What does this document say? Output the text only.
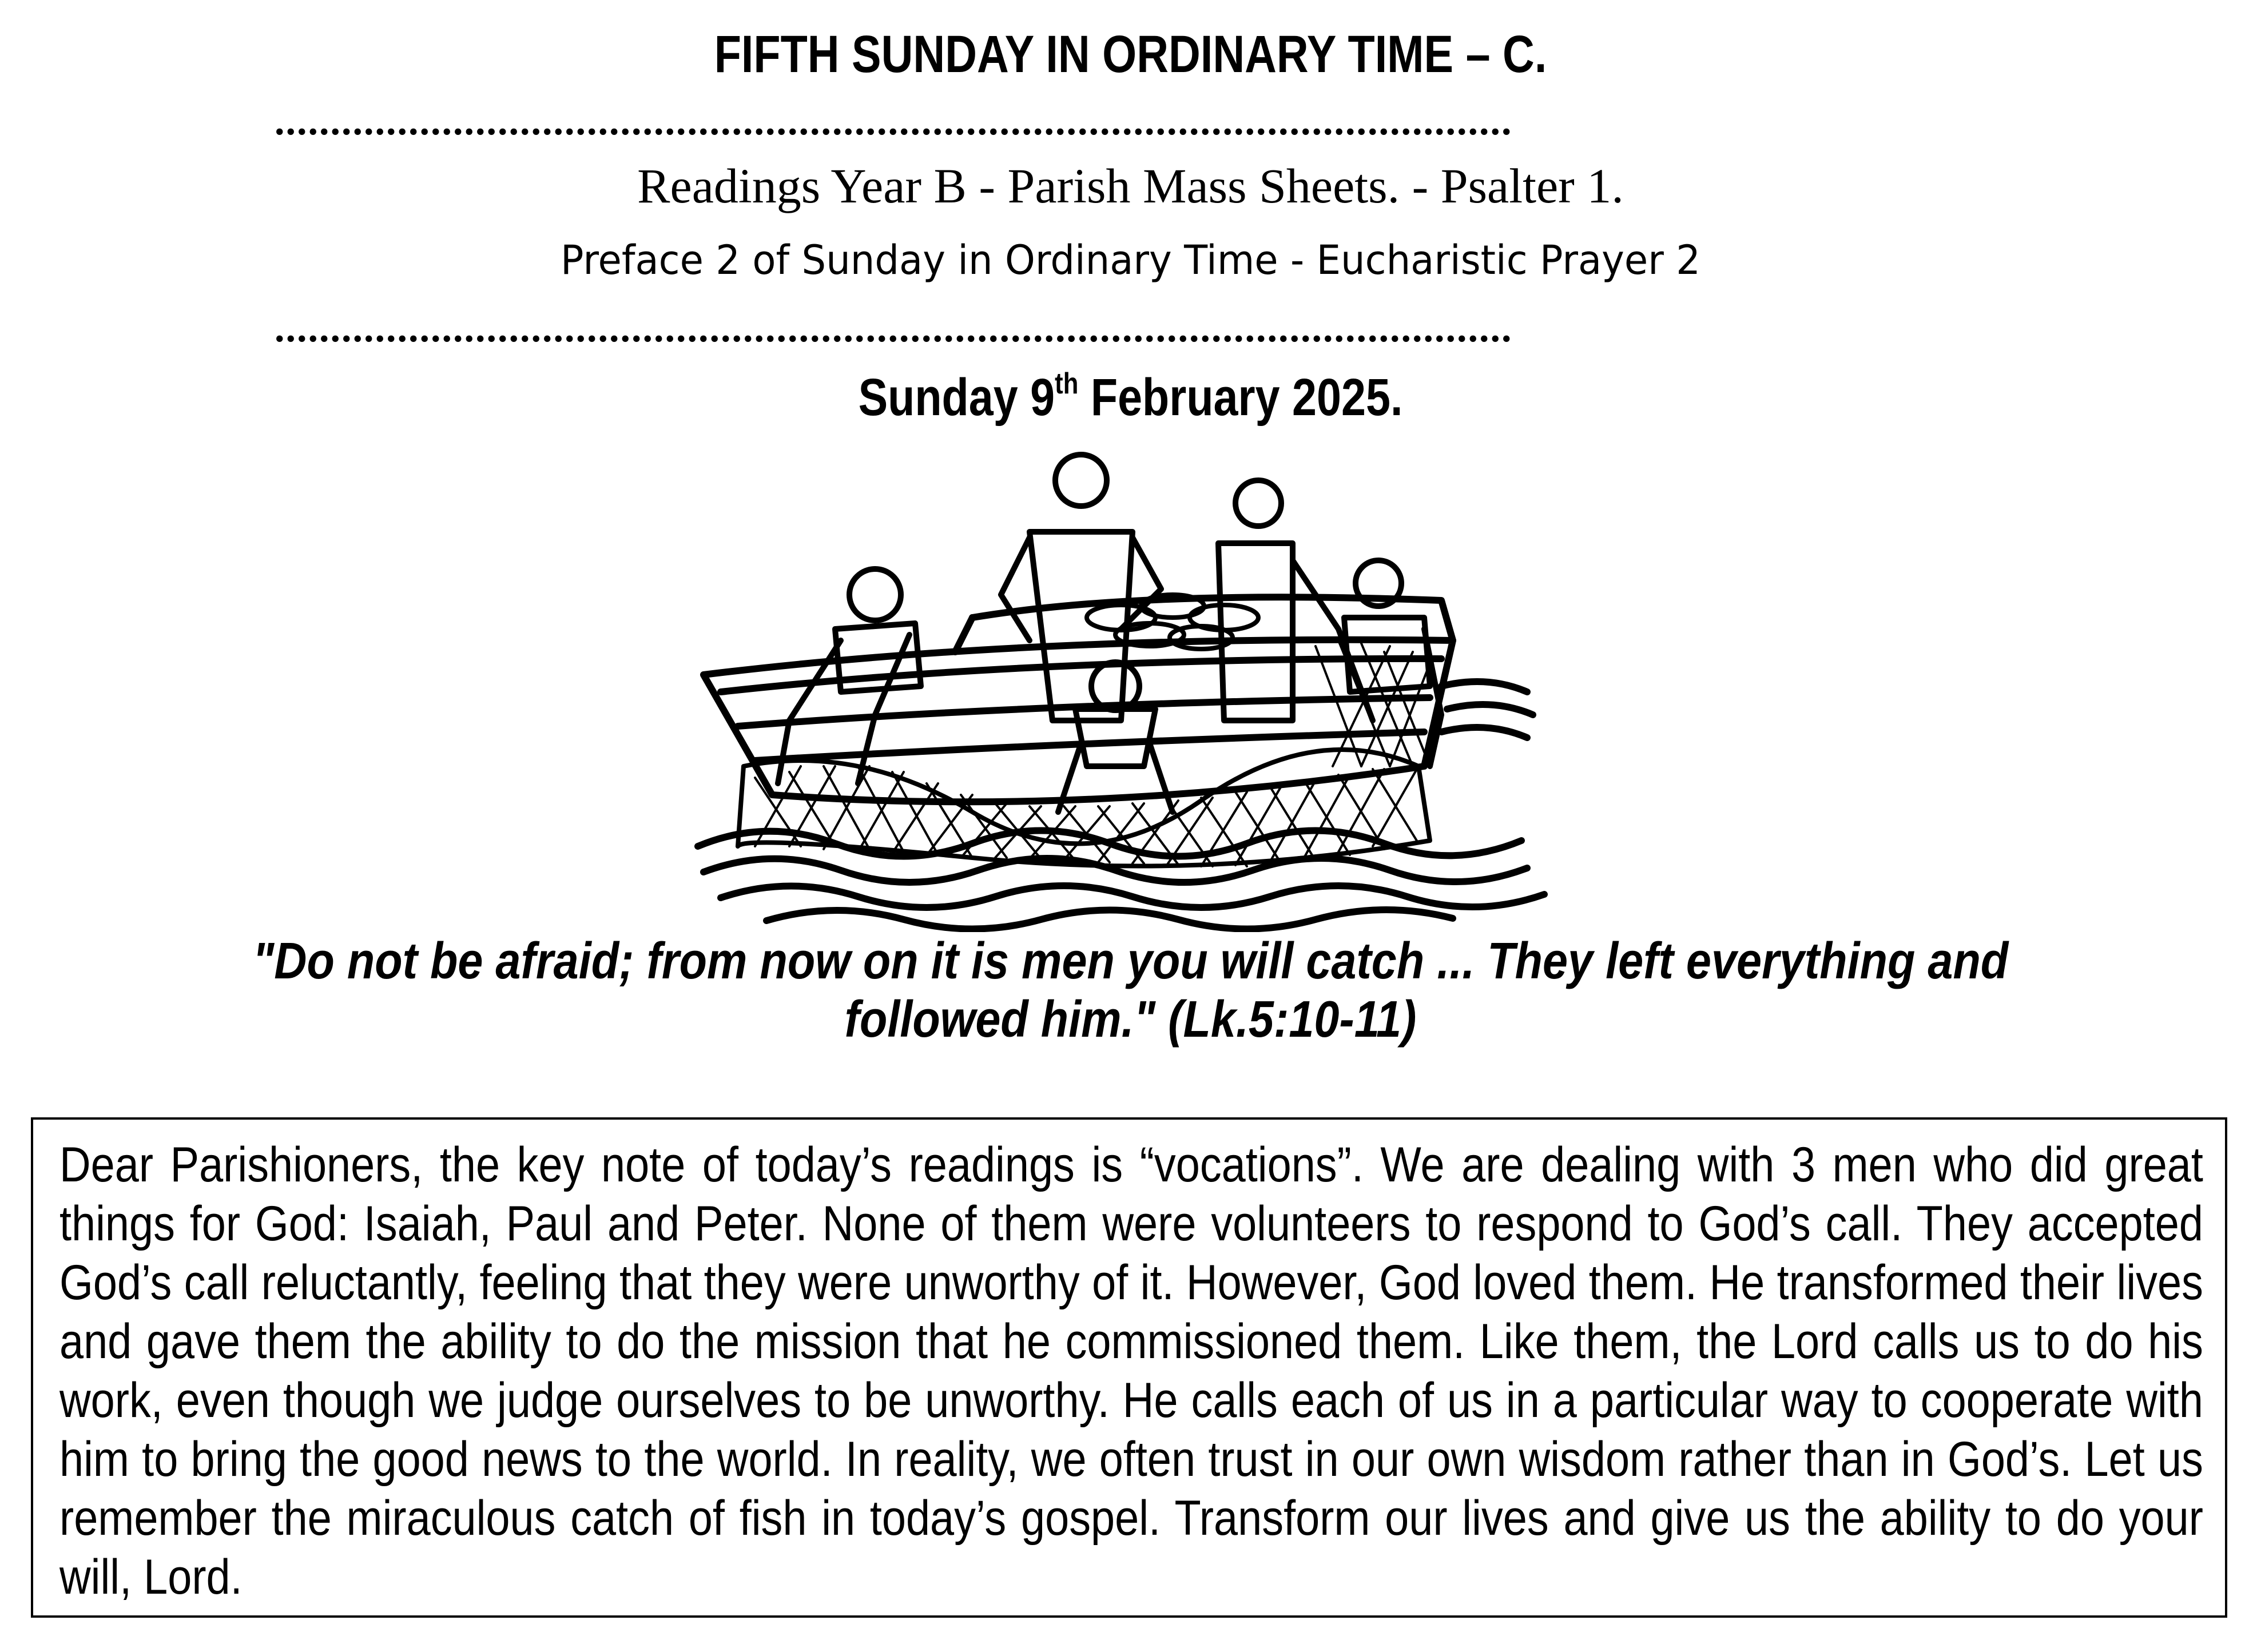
FIFTH SUNDAY IN ORDINARY TIME – C.
...............................................................................................................
Readings Year B - Parish Mass Sheets. - Psalter 1.
Preface 2 of Sunday in Ordinary Time - Eucharistic Prayer 2
...............................................................................................................
Sunday 9th February 2025.
"Do not be afraid; from now on it is men you will catch ... They left everything and followed him." (Lk.5:10-11)
Dear Parishioners, the key note of today’s readings is “vocations”. We are dealing with 3 men who did great things for God: Isaiah, Paul and Peter. None of them were volunteers to respond to God’s call. They accepted God’s call reluctantly, feeling that they were unworthy of it. However, God loved them. He transformed their lives and gave them the ability to do the mission that he commissioned them. Like them, the Lord calls us to do his work, even though we judge ourselves to be unworthy. He calls each of us in a particular way to cooperate with him to bring the good news to the world. In reality, we often trust in our own wisdom rather than in God’s. Let us remember the miraculous catch of fish in today’s gospel. Transform our lives and give us the ability to do your will, Lord.
